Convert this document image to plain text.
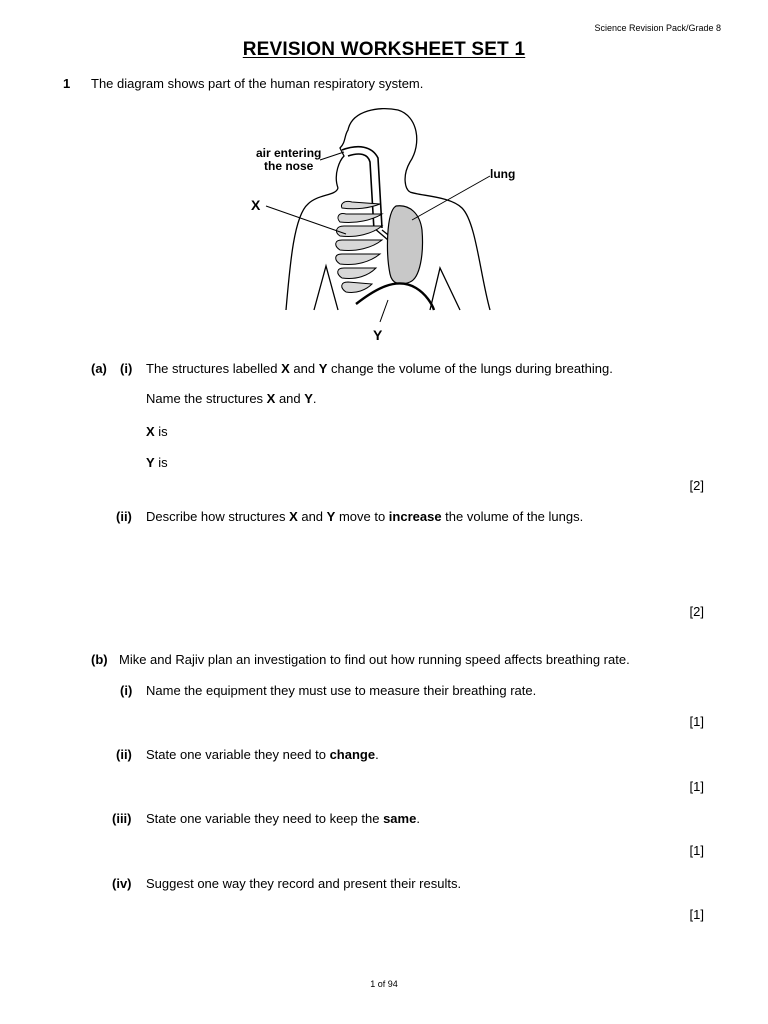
Science Revision Pack/Grade 8
REVISION WORKSHEET SET 1
1 The diagram shows part of the human respiratory system.
air entering
the nose
lung
X
Y
(a) (i) The structures labelled X and Y change the volume of the lungs during breathing.
Name the structures X and Y.
X is
Y is
[2]
(ii) Describe how structures X and Y move to increase the volume of the lungs.
[2]
(b) Mike and Rajiv plan an investigation to find out how running speed affects breathing rate.
(i) Name the equipment they must use to measure their breathing rate.
[1]
(ii) State one variable they need to change.
[1]
(iii) State one variable they need to keep the same.
[1]
(iv) Suggest one way they record and present their results.
[1]
1 of 94
